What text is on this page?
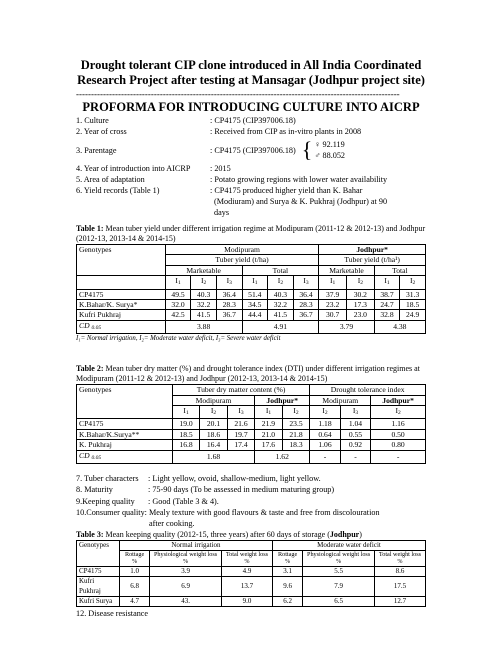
Drought tolerant CIP clone introduced in All India Coordinated
Research Project after testing at Mansagar (Jodhpur project site)
------------------------------------------------------------------------------------------------------------
PROFORMA FOR INTRODUCING CULTURE INTO AICRP
1. Culture	: CP4175 (CIP397006.18)
2. Year of cross	: Received from CIP as in-vitro plants in 2008
3. Parentage	: CP4175 (CIP397006.18) { ♀ 92.119
♂ 88.052
4. Year of introduction into AICRP	: 2015
5. Area of adaptation	: Potato growing regions with lower water availability
6. Yield records (Table 1)	: CP4175 produced higher yield than K. Bahar
(Modiuram) and Surya & K. Pukhraj (Jodhpur) at 90
days
Table 1: Mean tuber yield under different irrigation regime at Modipuram (2011-12 & 2012-13) and Jodhpur (2012-13, 2013-14 & 2014-15)
Genotypes	Modipuram						Jodhpur*			
	Tuber yield (t/ha)						Tuber yield (t/ha¹)			
	Marketable			Total			Marketable		Total	
	$I_1$	$I_2$	$I_3$	$I_1$	$I_2$	$I_3$	$I_1$	$I_2$	$I_1$	$I_2$
CP4175	49.5	40.3	36.4	51.4	40.3	36.4	37.9	30.2	38.7	31.3
K.Bahar/K. Surya*	32.0	32.2	28.3	34.5	32.2	28.3	23.2	17.3	24.7	18.5
Kufri Pukhraj	42.5	41.5	36.7	44.4	41.5	36.7	30.7	23.0	32.8	24.9
CD $_{0.05}$	3.88			4.91			3.79		4.38	
I₁= Normal irrigation, I₂= Moderate water deficit, I₃= Severe water deficit
Table 2: Mean tuber dry matter (%) and drought tolerance index (DTI) under different irrigation regimes at Modipuram (2011-12 & 2012-13) and Jodhpur (2012-13, 2013-14 & 2014-15)
Genotypes	Tuber dry matter content (%)					Drought tolerance index		
	Modipuram			Jodhpur*		Modipuram		Jodhpur*
	$I_1$	$I_2$	$I_3$	$I_1$	$I_2$	$I_2$	$I_3$	$I_2$
CP4175	19.0	20.1	21.6	21.9	23.5	1.18	1.04	1.16
K.Bahar/K.Surya**	18.5	18.6	19.7	21.0	21.8	0.64	0.55	0.50
K. Pukhraj	16.8	16.4	17.4	17.6	18.3	1.06	0.92	0.80
CD $_{0.05}$	1.68			1.62		-	-	-
7. Tuber characters	: Light yellow, ovoid, shallow-medium, light yellow.
8. Maturity	: 75-90 days (To be assessed in medium maturing group)
9.Keeping quality	: Good (Table 3 & 4).
10.Consumer quality: Mealy texture with good flavours & taste and free from discolouration
after cooking.
Table 3: Mean keeping quality (2012-15, three years) after 60 days of storage (Jodhpur)
Genotypes	Normal irrigation			Moderate water deficit		
	Rottage %	Physiological weight loss %	Total weight loss %	Rottage %	Physiological weight loss %	Total weight loss %
CP4175	1.0	3.9	4.9	3.1	5.5	8.6
Kufri Pukhraj	6.8	6.9	13.7	9.6	7.9	17.5
Kufri Surya	4.7	43.	9.0	6.2	6.5	12.7
12. Disease resistance
